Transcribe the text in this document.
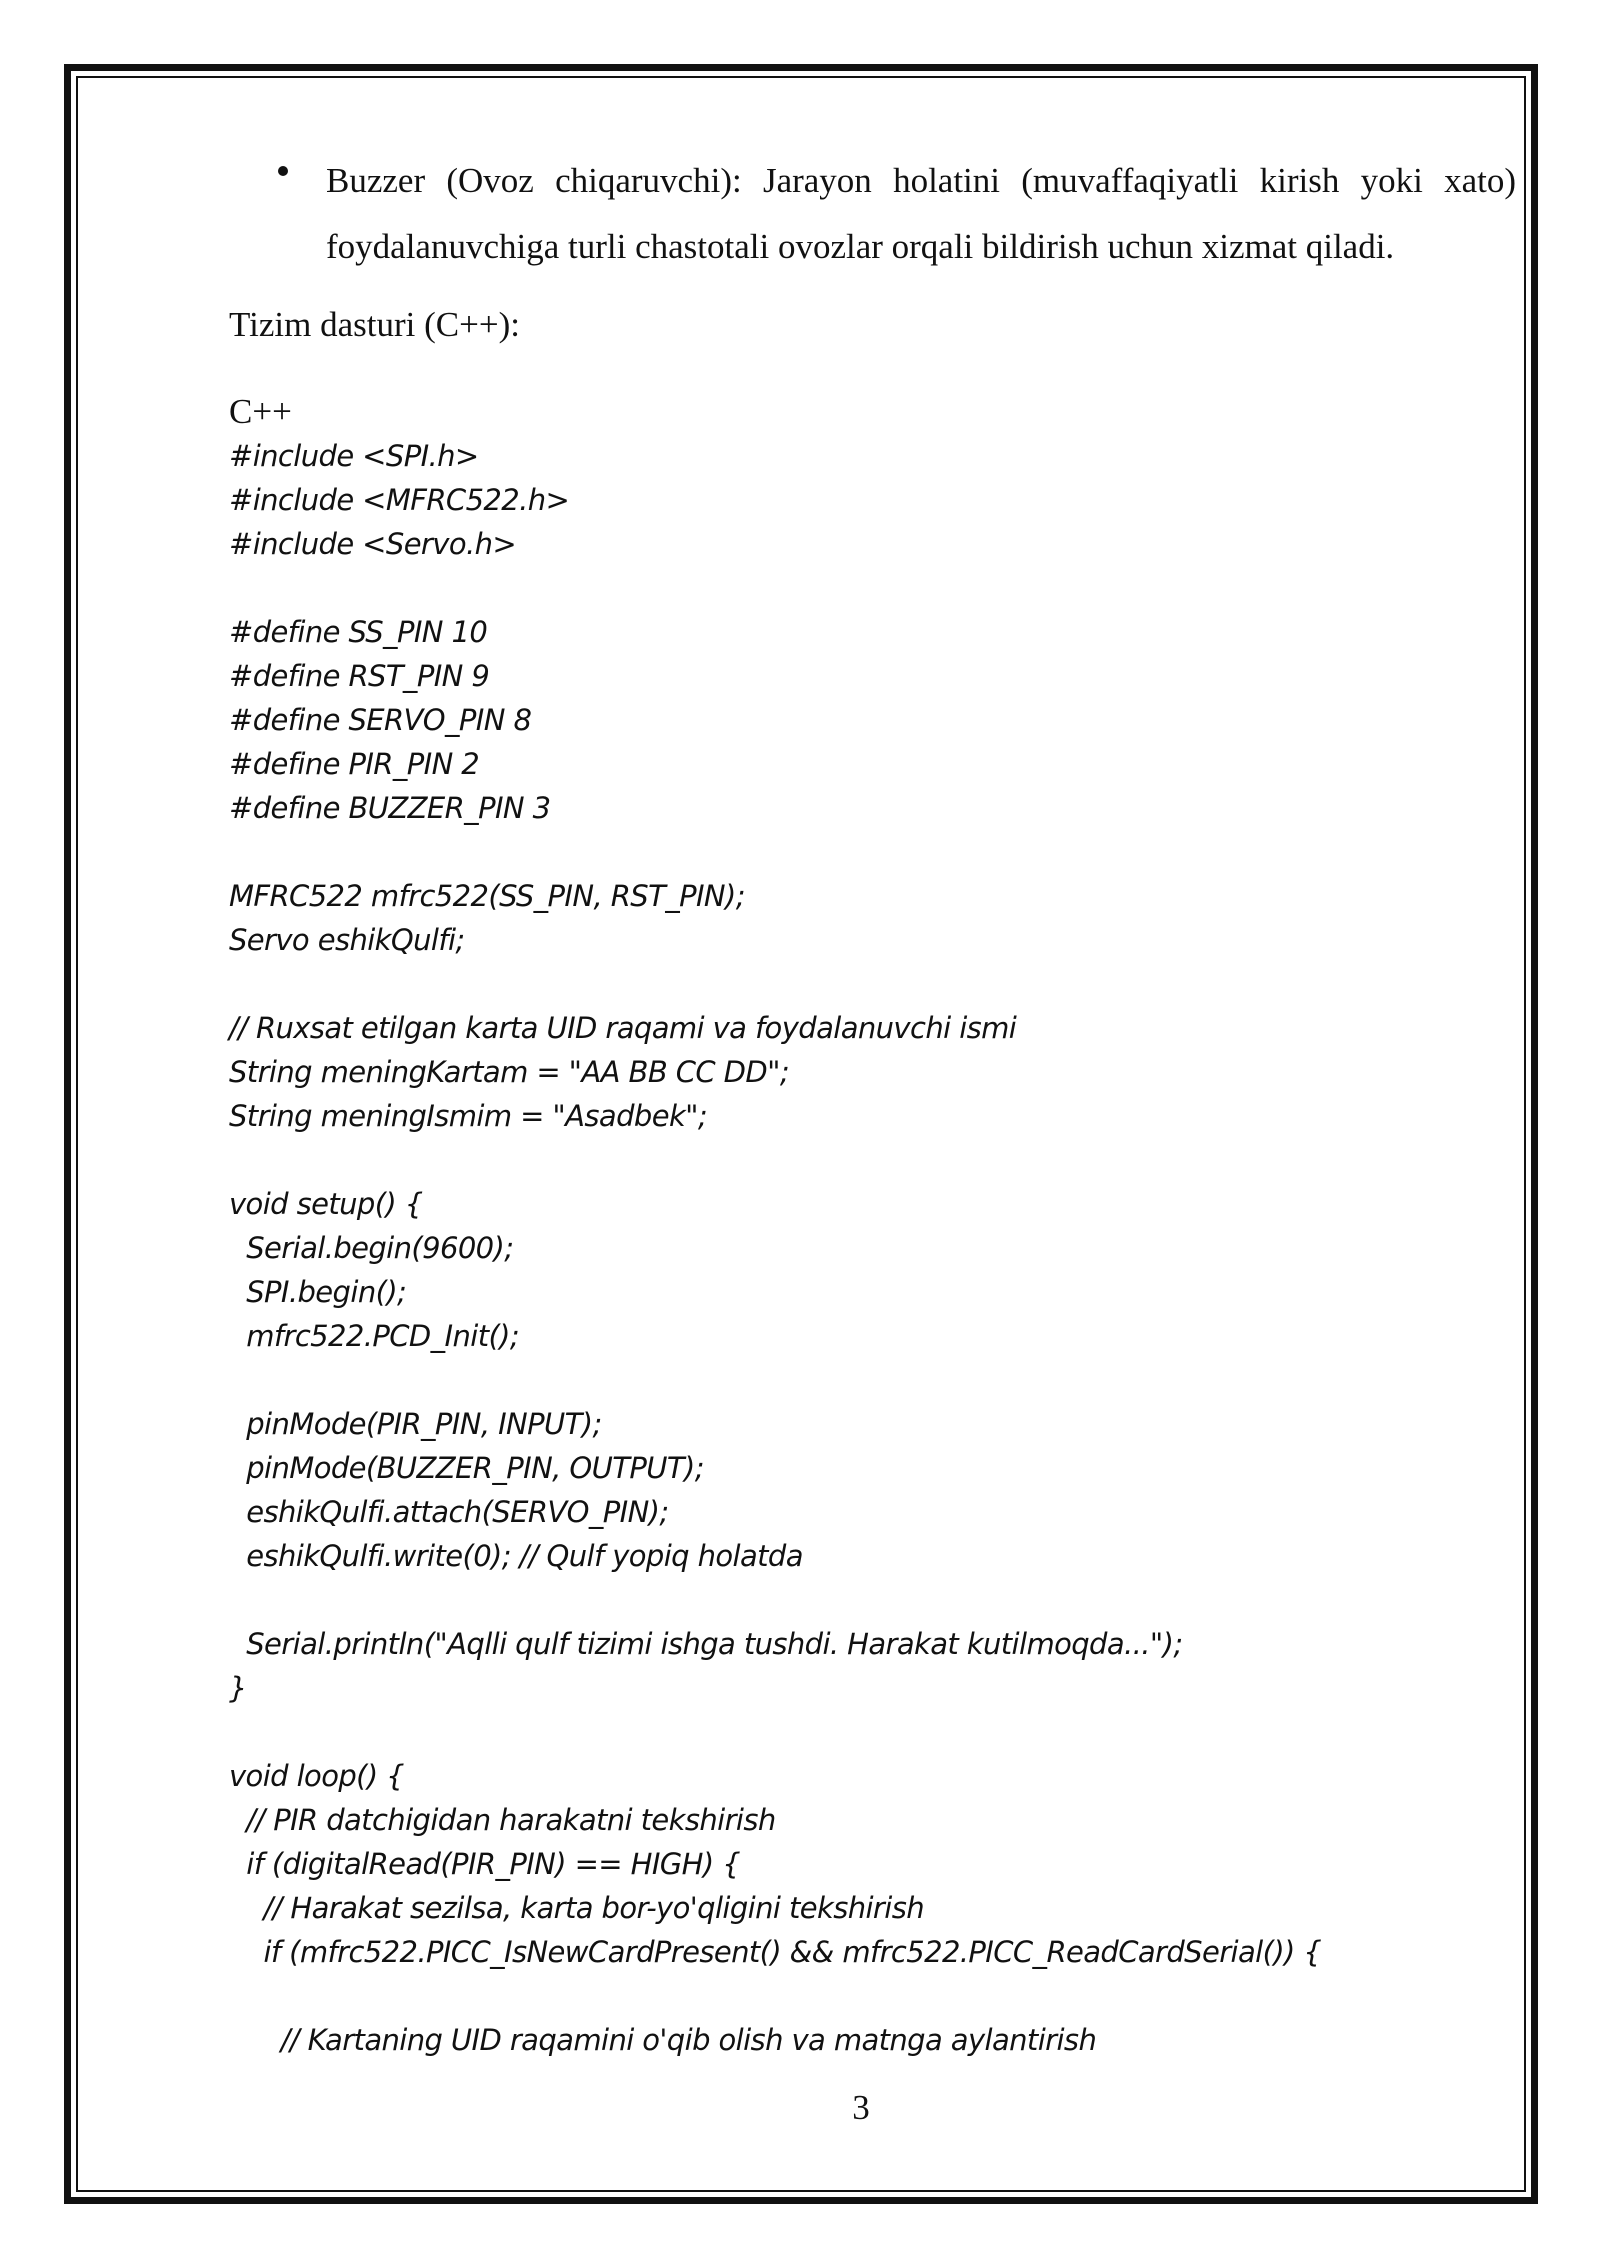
Buzzer (Ovoz chiqaruvchi): Jarayon holatini (muvaffaqiyatli kirish yoki xato) foydalanuvchiga turli chastotali ovozlar orqali bildirish uchun xizmat qiladi.
Tizim dasturi (C++):
C++
#include <SPI.h>
#include <MFRC522.h>
#include <Servo.h>

#define SS_PIN 10
#define RST_PIN 9
#define SERVO_PIN 8
#define PIR_PIN 2
#define BUZZER_PIN 3

MFRC522 mfrc522(SS_PIN, RST_PIN);
Servo eshikQulfi;

// Ruxsat etilgan karta UID raqami va foydalanuvchi ismi
String meningKartam = "AA BB CC DD";
String meningIsmim = "Asadbek";

void setup() {
Serial.begin(9600);
SPI.begin();
mfrc522.PCD_Init();

pinMode(PIR_PIN, INPUT);
pinMode(BUZZER_PIN, OUTPUT);
eshikQulfi.attach(SERVO_PIN);
eshikQulfi.write(0); // Qulf yopiq holatda

Serial.println("Aqlli qulf tizimi ishga tushdi. Harakat kutilmoqda...");
}

void loop() {
// PIR datchigidan harakatni tekshirish
if (digitalRead(PIR_PIN) == HIGH) {
// Harakat sezilsa, karta bor-yo'qligini tekshirish
if (mfrc522.PICC_IsNewCardPresent() && mfrc522.PICC_ReadCardSerial()) {

// Kartaning UID raqamini o'qib olish va matnga aylantirish
3
